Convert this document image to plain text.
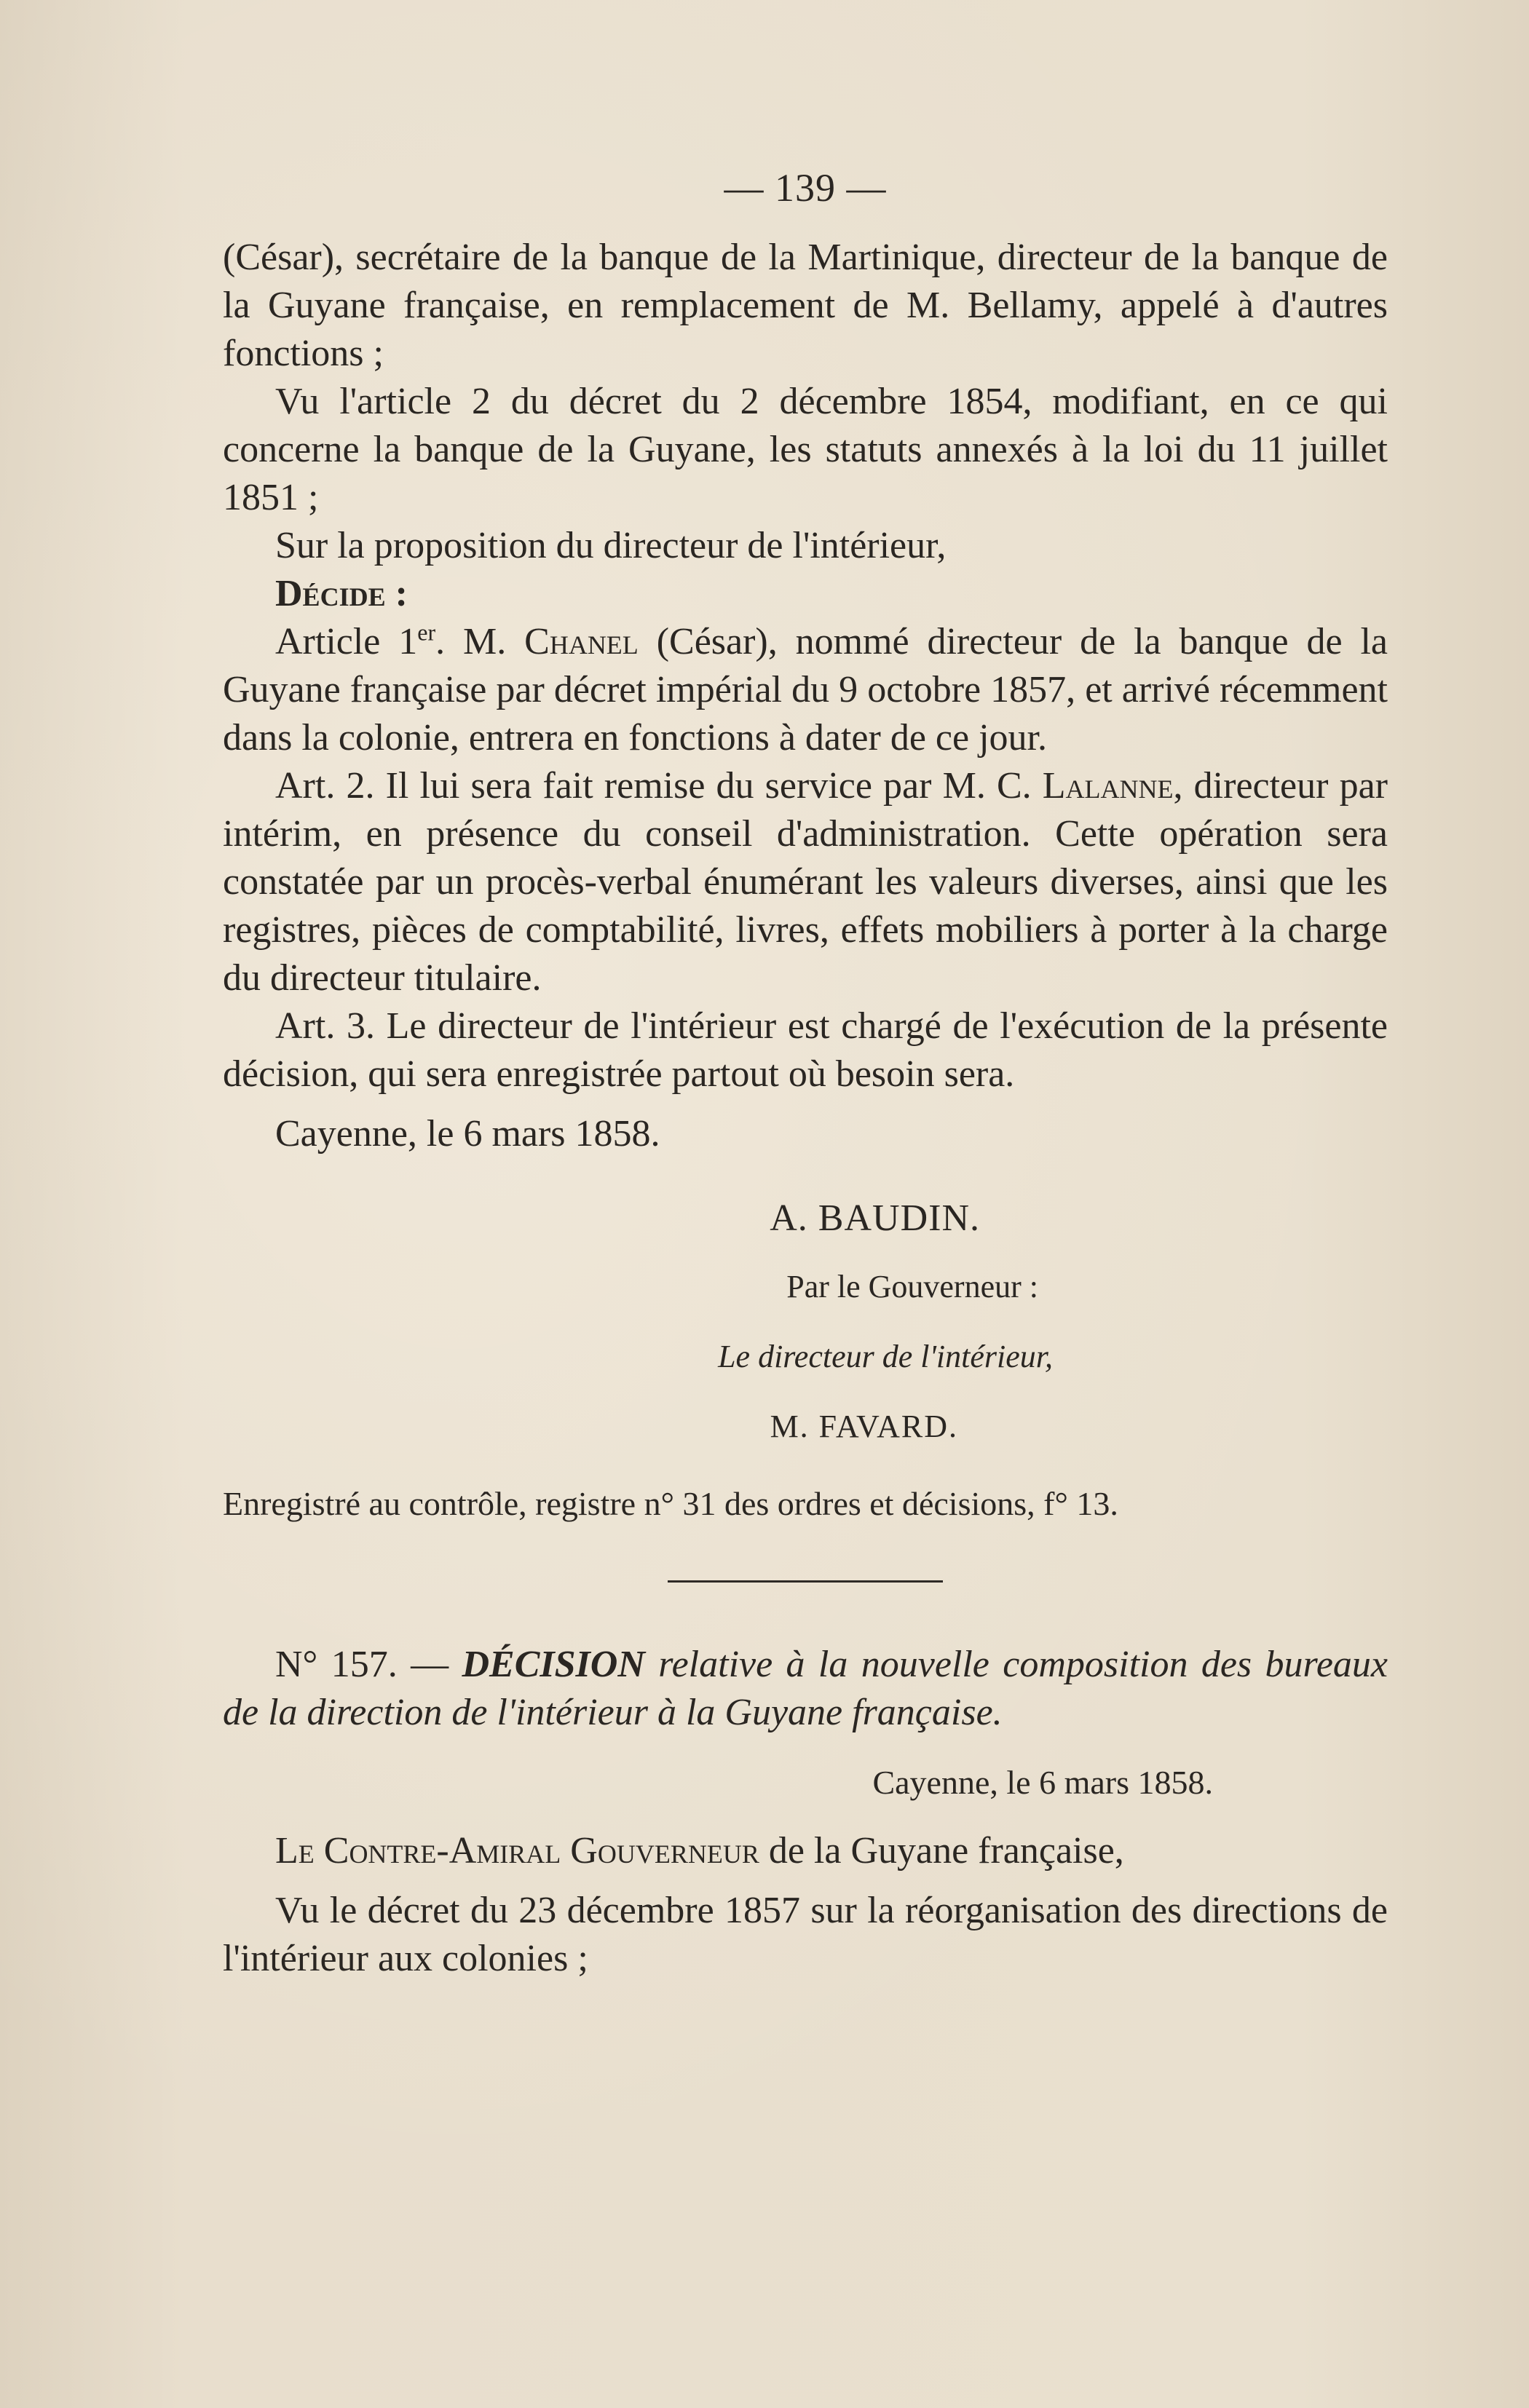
— 139 —

(César), secrétaire de la banque de la Martinique, directeur de la banque de la Guyane française, en remplacement de M. Bellamy, appelé à d'autres fonctions ;

Vu l'article 2 du décret du 2 décembre 1854, modifiant, en ce qui concerne la banque de la Guyane, les statuts annexés à la loi du 11 juillet 1851 ;

Sur la proposition du directeur de l'intérieur,

Décide :

Article 1er. M. Chanel (César), nommé directeur de la banque de la Guyane française par décret impérial du 9 octobre 1857, et arrivé récemment dans la colonie, entrera en fonctions à dater de ce jour.

Art. 2. Il lui sera fait remise du service par M. C. Lalanne, directeur par intérim, en présence du conseil d'administration. Cette opération sera constatée par un procès-verbal énumérant les valeurs diverses, ainsi que les registres, pièces de comptabilité, livres, effets mobiliers à porter à la charge du directeur titulaire.

Art. 3. Le directeur de l'intérieur est chargé de l'exécution de la présente décision, qui sera enregistrée partout où besoin sera.

Cayenne, le 6 mars 1858.

A. BAUDIN.
Par le Gouverneur :
Le directeur de l'intérieur,
M. FAVARD.

Enregistré au contrôle, registre n° 31 des ordres et décisions, f° 13.

N° 157. — DÉCISION relative à la nouvelle composition des bureaux de la direction de l'intérieur à la Guyane française.

Cayenne, le 6 mars 1858.

Le Contre-Amiral Gouverneur de la Guyane française,

Vu le décret du 23 décembre 1857 sur la réorganisation des directions de l'intérieur aux colonies ;
